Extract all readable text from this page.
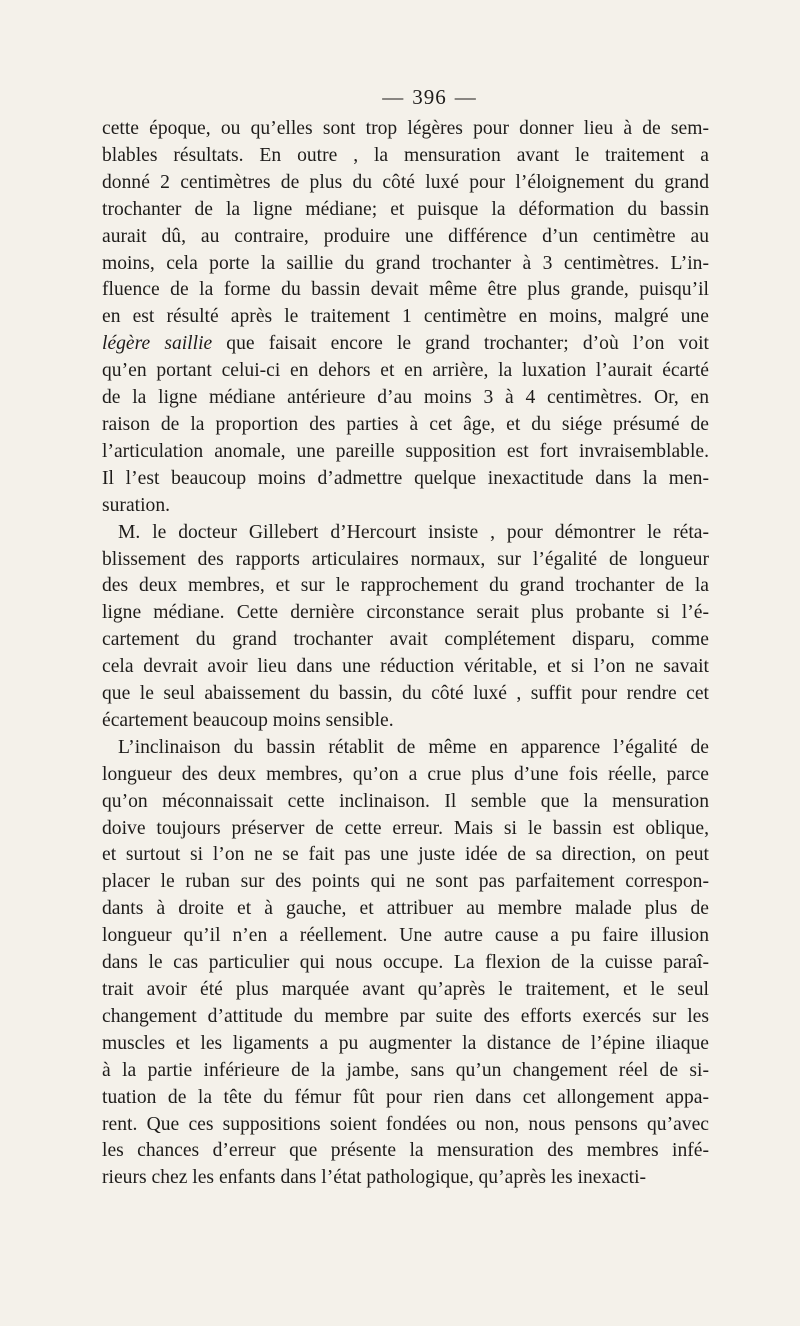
— 396 —

cette époque, ou qu’elles sont trop légères pour donner lieu à de sem-
blables résultats. En outre , la mensuration avant le traitement a
donné 2 centimètres de plus du côté luxé pour l’éloignement du grand
trochanter de la ligne médiane; et puisque la déformation du bassin
aurait dû, au contraire, produire une différence d’un centimètre au
moins, cela porte la saillie du grand trochanter à 3 centimètres. L’in-
fluence de la forme du bassin devait même être plus grande, puisqu’il
en est résulté après le traitement 1 centimètre en moins, malgré une
légère saillie que faisait encore le grand trochanter; d’où l’on voit
qu’en portant celui-ci en dehors et en arrière, la luxation l’aurait écarté
de la ligne médiane antérieure d’au moins 3 à 4 centimètres. Or, en
raison de la proportion des parties à cet âge, et du siége présumé de
l’articulation anomale, une pareille supposition est fort invraisemblable.
Il l’est beaucoup moins d’admettre quelque inexactitude dans la men-
suration.

M. le docteur Gillebert d’Hercourt insiste , pour démontrer le réta-
blissement des rapports articulaires normaux, sur l’égalité de longueur
des deux membres, et sur le rapprochement du grand trochanter de la
ligne médiane. Cette dernière circonstance serait plus probante si l’é-
cartement du grand trochanter avait complétement disparu, comme
cela devrait avoir lieu dans une réduction véritable, et si l’on ne savait
que le seul abaissement du bassin, du côté luxé , suffit pour rendre cet
écartement beaucoup moins sensible.

L’inclinaison du bassin rétablit de même en apparence l’égalité de
longueur des deux membres, qu’on a crue plus d’une fois réelle, parce
qu’on méconnaissait cette inclinaison. Il semble que la mensuration
doive toujours préserver de cette erreur. Mais si le bassin est oblique,
et surtout si l’on ne se fait pas une juste idée de sa direction, on peut
placer le ruban sur des points qui ne sont pas parfaitement correspon-
dants à droite et à gauche, et attribuer au membre malade plus de
longueur qu’il n’en a réellement. Une autre cause a pu faire illusion
dans le cas particulier qui nous occupe. La flexion de la cuisse paraî-
trait avoir été plus marquée avant qu’après le traitement, et le seul
changement d’attitude du membre par suite des efforts exercés sur les
muscles et les ligaments a pu augmenter la distance de l’épine iliaque
à la partie inférieure de la jambe, sans qu’un changement réel de si-
tuation de la tête du fémur fût pour rien dans cet allongement appa-
rent. Que ces suppositions soient fondées ou non, nous pensons qu’avec
les chances d’erreur que présente la mensuration des membres infé-
rieurs chez les enfants dans l’état pathologique, qu’après les inexacti-
